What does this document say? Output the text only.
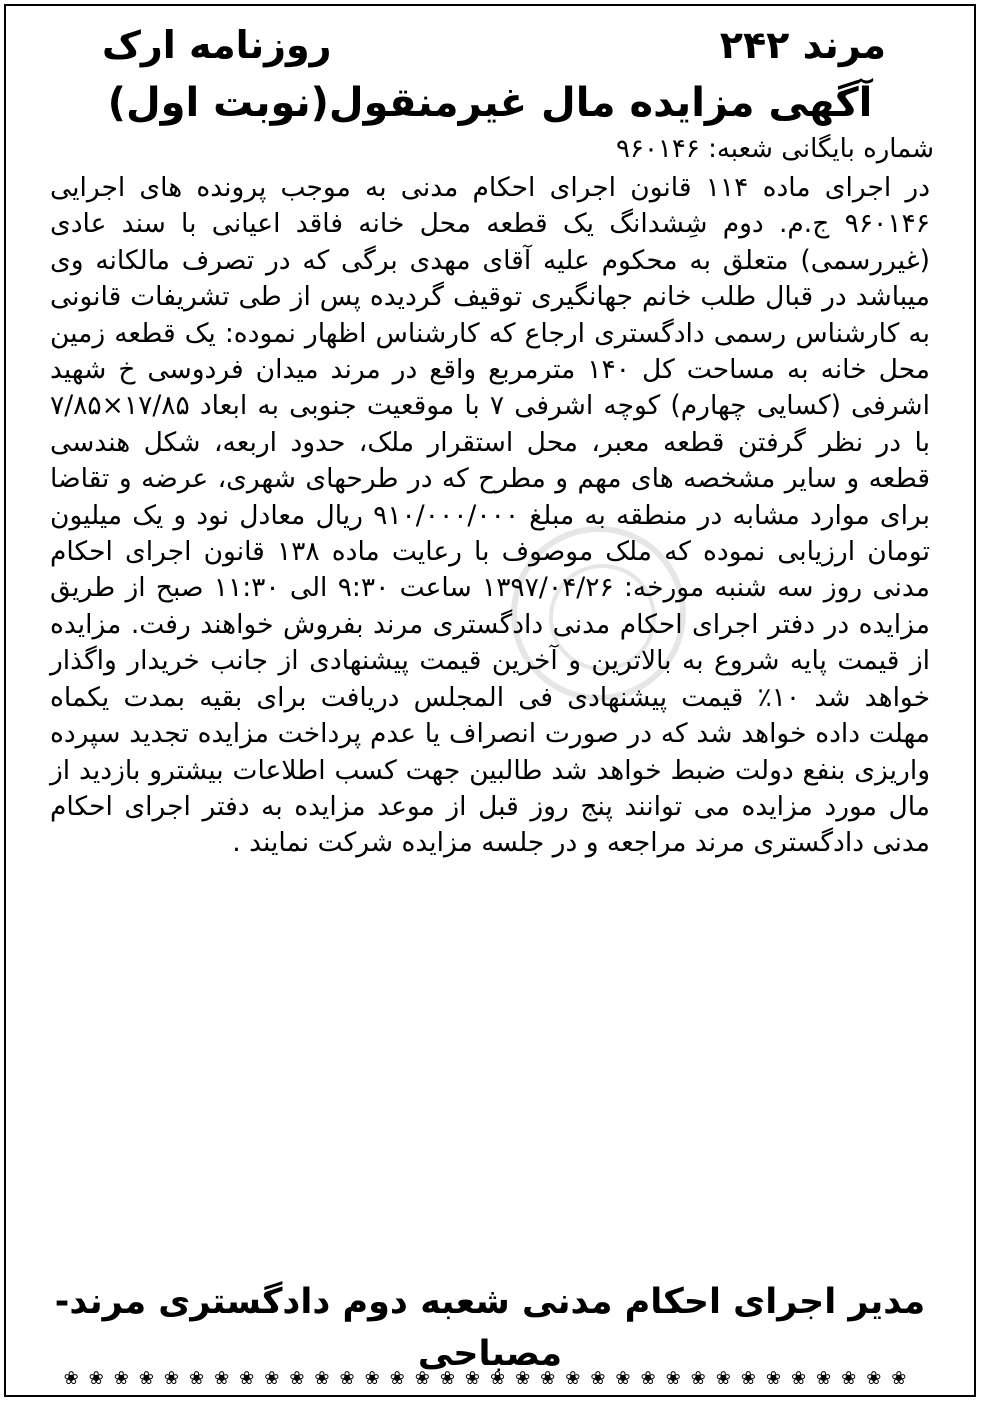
مرند ۲۴۲
روزنامه ارک
آگهی مزایده مال غیرمنقول(نوبت اول)
شماره بایگانی شعبه: ۹۶۰۱۴۶

در اجرای ماده ۱۱۴ قانون اجرای احکام مدنی به موجب پرونده های اجرایی ۹۶۰۱۴۶ ج.م. دوم شِشدانگ یک قطعه محل خانه فاقد اعیانی با سند عادی (غیررسمی) متعلق به محکوم علیه آقای مهدی برگی که در تصرف مالکانه وی میباشد در قبال طلب خانم جهانگیری توقیف گردیده پس از طی تشریفات قانونی به کارشناس رسمی دادگستری ارجاع که کارشناس اظهار نموده: یک قطعه زمین محل خانه به مساحت کل ۱۴۰ مترمربع واقع در مرند میدان فردوسی خ شهید اشرفی (کسایی چهارم) کوچه اشرفی ۷ با موقعیت جنوبی به ابعاد ۱۷/۸۵×۷/۸۵ با در نظر گرفتن قطعه معبر، محل استقرار ملک، حدود اربعه، شکل هندسی قطعه و سایر مشخصه های مهم و مطرح که در طرحهای شهری، عرضه و تقاضا برای موارد مشابه در منطقه به مبلغ ۹۱۰/۰۰۰/۰۰۰ ریال معادل نود و یک میلیون تومان ارزیابی نموده که ملک موصوف با رعایت ماده ۱۳۸ قانون اجرای احکام مدنی روز سه شنبه مورخه: ۱۳۹۷/۰۴/۲۶ ساعت ۹:۳۰ الی ۱۱:۳۰ صبح از طریق مزایده در دفتر اجرای احکام مدنی دادگستری مرند بفروش خواهند رفت. مزایده از قیمت پایه شروع به بالاترین و آخرین قیمت پیشنهادی از جانب خریدار واگذار خواهد شد ۱۰٪ قیمت پیشنهادی فی المجلس دریافت برای بقیه بمدت یکماه مهلت داده خواهد شد که در صورت انصراف یا عدم پرداخت مزایده تجدید سپرده واریزی بنفع دولت ضبط خواهد شد طالبین جهت کسب اطلاعات بیشترو بازدید از مال مورد مزایده می توانند پنج روز قبل از موعد مزایده به دفتر اجرای احکام مدنی دادگستری مرند مراجعه و در جلسه مزایده شرکت نمایند .

مدیر اجرای احکام مدنی شعبه دوم دادگستری مرند- مصباحی
❀❀❀❀❀❀❀❀❀❀❀❀❀❀❀❀❀❀❀❀❀❀❀❀❀❀❀❀❀❀❀❀❀❀
